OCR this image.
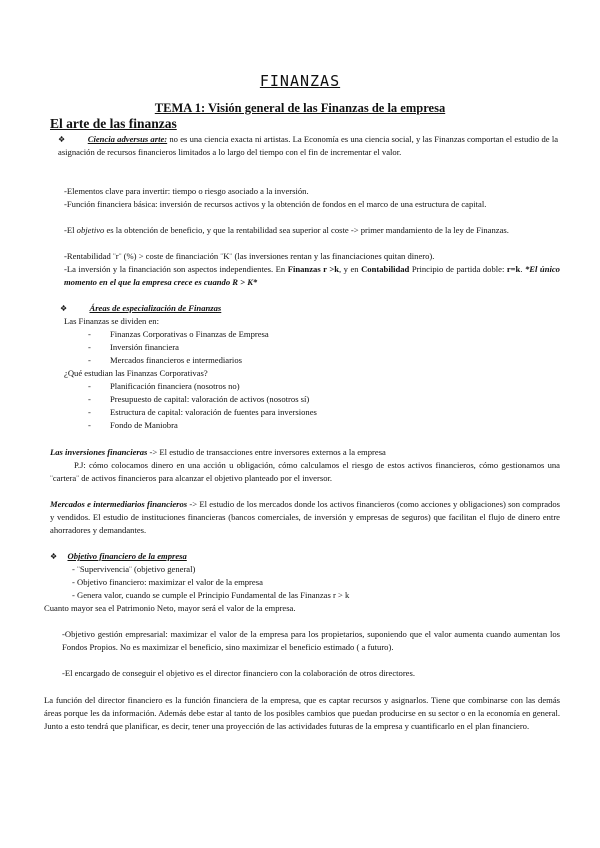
FINANZAS
TEMA 1: Visión general de las Finanzas de la empresa
El arte de las finanzas
❖	Ciencia adversus arte: no es una ciencia exacta ni artistas. La Economía es una ciencia social, y las Finanzas comportan el estudio de la asignación de recursos financieros limitados a lo largo del tiempo con el fin de incrementar el valor.
-Elementos clave para invertir: tiempo o riesgo asociado a la inversión.
-Función financiera básica: inversión de recursos activos y la obtención de fondos en el marco de una estructura de capital.
-El objetivo es la obtención de beneficio, y que la rentabilidad sea superior al coste -> primer mandamiento de la ley de Finanzas.
-Rentabilidad ¨r¨ (%) > coste de financiación ¨K¨ (las inversiones rentan y las financiaciones quitan dinero).
-La inversión y la financiación son aspectos independientes. En Finanzas r >k, y en Contabilidad Principio de partida doble: r=k. *El único momento en el que la empresa crece es cuando R > K*
❖	Áreas de especialización de Finanzas
Las Finanzas se dividen en:
- Finanzas Corporativas o Finanzas de Empresa
- Inversión financiera
- Mercados financieros e intermediarios
¿Qué estudian las Finanzas Corporativas?
- Planificación financiera (nosotros no)
- Presupuesto de capital: valoración de activos (nosotros sí)
- Estructura de capital: valoración de fuentes para inversiones
- Fondo de Maniobra
Las inversiones financieras -> El estudio de transacciones entre inversores externos a la empresa
P.J: cómo colocamos dinero en una acción u obligación, cómo calculamos el riesgo de estos activos financieros, cómo gestionamos una ¨cartera¨ de activos financieros para alcanzar el objetivo planteado por el inversor.
Mercados e intermediarios financieros -> El estudio de los mercados donde los activos financieros (como acciones y obligaciones) son comprados y vendidos. El estudio de instituciones financieras (bancos comerciales, de inversión y empresas de seguros) que facilitan el flujo de dinero entre ahorradores y demandantes.
❖ Objetivo financiero de la empresa
- ¨Supervivencia¨ (objetivo general)
- Objetivo financiero: maximizar el valor de la empresa
- Genera valor, cuando se cumple el Principio Fundamental de las Finanzas r > k
Cuanto mayor sea el Patrimonio Neto, mayor será el valor de la empresa.
-Objetivo gestión empresarial: maximizar el valor de la empresa para los propietarios, suponiendo que el valor aumenta cuando aumentan los Fondos Propios. No es maximizar el beneficio, sino maximizar el beneficio estimado ( a futuro).
-El encargado de conseguir el objetivo es el director financiero con la colaboración de otros directores.
La función del director financiero es la función financiera de la empresa, que es captar recursos y asignarlos. Tiene que combinarse con las demás áreas porque les da información. Además debe estar al tanto de los posibles cambios que puedan producirse en su sector o en la economía en general. Junto a esto tendrá que planificar, es decir, tener una proyección de las actividades futuras de la empresa y cuantificarlo en el plan financiero.
